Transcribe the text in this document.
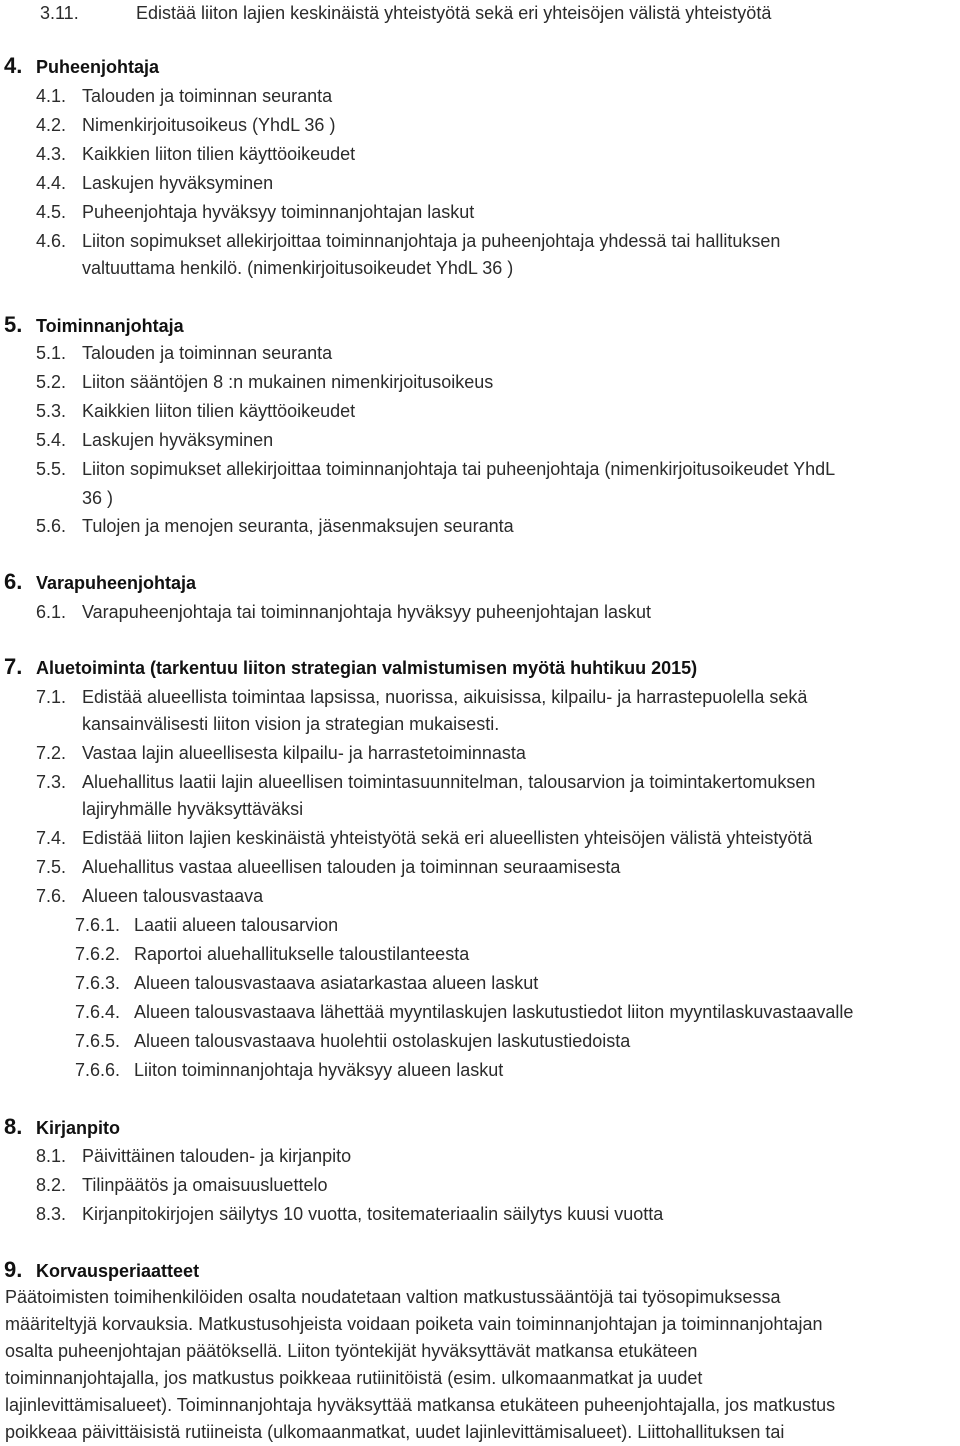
3.11.	Edistää liiton lajien keskinäistä yhteistyötä sekä eri yhteisöjen välistä yhteistyötä
4. Puheenjohtaja
4.1. Talouden ja toiminnan seuranta
4.2. Nimenkirjoitusoikeus (YhdL 36 )
4.3. Kaikkien liiton tilien käyttöoikeudet
4.4. Laskujen hyväksyminen
4.5. Puheenjohtaja hyväksyy toiminnanjohtajan laskut
4.6. Liiton sopimukset allekirjoittaa toiminnanjohtaja ja puheenjohtaja yhdessä tai hallituksen
valtuuttama henkilö. (nimenkirjoitusoikeudet YhdL 36 )
5. Toiminnanjohtaja
5.1. Talouden ja toiminnan seuranta
5.2. Liiton sääntöjen 8 :n mukainen nimenkirjoitusoikeus
5.3. Kaikkien liiton tilien käyttöoikeudet
5.4. Laskujen hyväksyminen
5.5. Liiton sopimukset allekirjoittaa toiminnanjohtaja tai puheenjohtaja (nimenkirjoitusoikeudet YhdL
36 )
5.6. Tulojen ja menojen seuranta, jäsenmaksujen seuranta
6. Varapuheenjohtaja
6.1. Varapuheenjohtaja tai toiminnanjohtaja hyväksyy puheenjohtajan laskut
7. Aluetoiminta (tarkentuu liiton strategian valmistumisen myötä huhtikuu 2015)
7.1. Edistää alueellista toimintaa lapsissa, nuorissa, aikuisissa, kilpailu- ja harrastepuolella sekä
kansainvälisesti liiton vision ja strategian mukaisesti.
7.2. Vastaa lajin alueellisesta kilpailu- ja harrastetoiminnasta
7.3. Aluehallitus laatii lajin alueellisen toimintasuunnitelman, talousarvion ja toimintakertomuksen
lajiryhmälle hyväksyttäväksi
7.4. Edistää liiton lajien keskinäistä yhteistyötä sekä eri alueellisten yhteisöjen välistä yhteistyötä
7.5. Aluehallitus vastaa alueellisen talouden ja toiminnan seuraamisesta
7.6. Alueen talousvastaava
7.6.1. Laatii alueen talousarvion
7.6.2. Raportoi aluehallitukselle taloustilanteesta
7.6.3. Alueen talousvastaava asiatarkastaa alueen laskut
7.6.4. Alueen talousvastaava lähettää myyntilaskujen laskutustiedot liiton myyntilaskuvastaavalle
7.6.5. Alueen talousvastaava huolehtii ostolaskujen laskutustiedoista
7.6.6. Liiton toiminnanjohtaja hyväksyy alueen laskut
8. Kirjanpito
8.1. Päivittäinen talouden- ja kirjanpito
8.2. Tilinpäätös ja omaisuusluettelo
8.3. Kirjanpitokirjojen säilytys 10 vuotta, tositemateriaalin säilytys kuusi vuotta
9. Korvausperiaatteet
Päätoimisten toimihenkilöiden osalta noudatetaan valtion matkustussääntöjä tai työsopimuksessa
määriteltyjä korvauksia. Matkustusohjeista voidaan poiketa vain toiminnanjohtajan ja toiminnanjohtajan
osalta puheenjohtajan päätöksellä. Liiton työntekijät hyväksyttävät matkansa etukäteen
toiminnanjohtajalla, jos matkustus poikkeaa rutiinitöistä (esim. ulkomaanmatkat ja uudet
lajinlevittämisalueet). Toiminnanjohtaja hyväksyttää matkansa etukäteen puheenjohtajalla, jos matkustus
poikkeaa päivittäisistä rutiineista (ulkomaanmatkat, uudet lajinlevittämisalueet). Liittohallituksen tai
